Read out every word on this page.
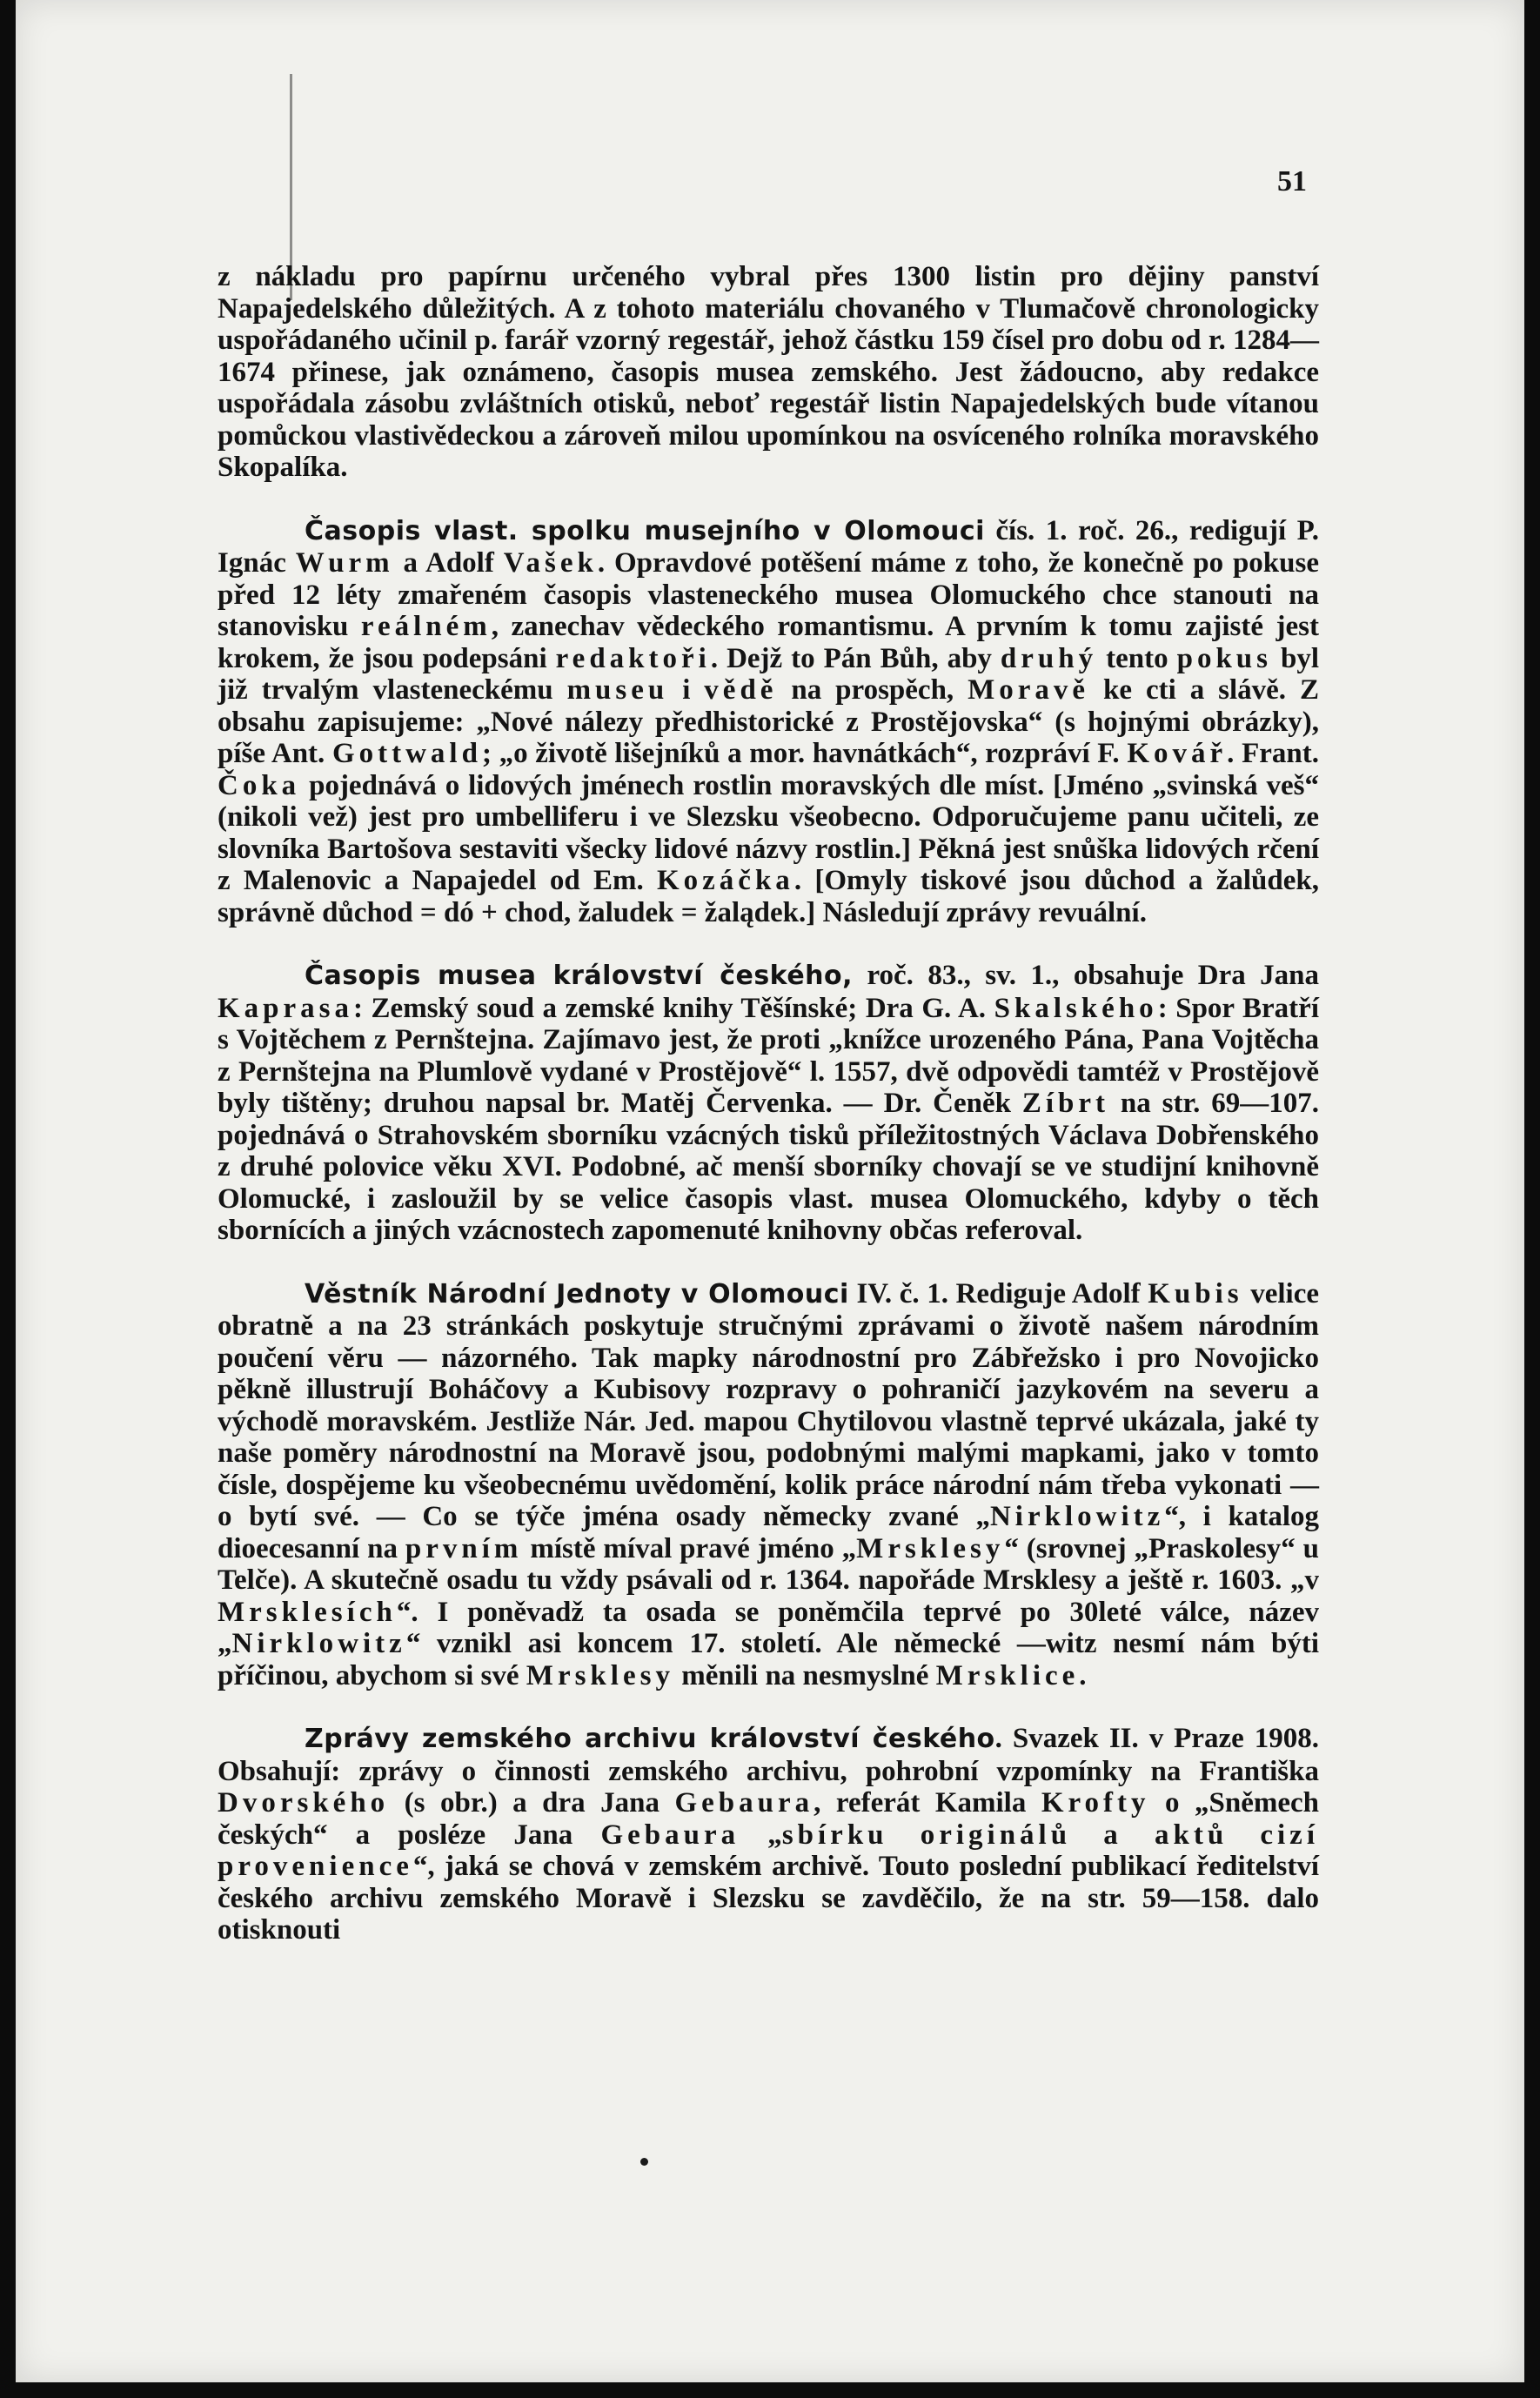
51

z nákladu pro papírnu určeného vybral přes 1300 listin pro dějiny panství Napajedelského důležitých. A z tohoto materiálu chovaného v Tlumačově chronologicky uspořádaného učinil p. farář vzorný regestář, jehož částku 159 čísel pro dobu od r. 1284—1674 přinese, jak oznámeno, časopis musea zemského. Jest žádoucno, aby redakce uspořádala zásobu zvláštních otisků, neboť regestář listin Napajedelských bude vítanou pomůckou vlastivědeckou a zároveň milou upomínkou na osvíceného rolníka moravského Skopalíka.

Časopis vlast. spolku musejního v Olomouci čís. 1. roč. 26., redigují P. Ignác Wurm a Adolf Vašek. Opravdové potěšení máme z toho, že konečně po pokuse před 12 léty zmařeném časopis vlasteneckého musea Olomuckého chce stanouti na stanovisku reálném, zanechav vědeckého romantismu. A prvním k tomu zajisté jest krokem, že jsou podepsáni redaktoři. Dejž to Pán Bůh, aby druhý tento pokus byl již trvalým vlasteneckému museu i vědě na prospěch, Moravě ke cti a slávě. Z obsahu zapisujeme: „Nové nálezy předhistorické z Prostějovska“ (s hojnými obrázky), píše Ant. Gottwald; „o životě lišejníků a mor. havnátkách“, rozpráví F. Kovář. Frant. Čoka pojednává o lidových jménech rostlin moravských dle míst. [Jméno „svinská veš“ (nikoli vež) jest pro umbelliferu i ve Slezsku všeobecno. Odporučujeme panu učiteli, ze slovníka Bartošova sestaviti všecky lidové názvy rostlin.] Pěkná jest snůška lidových rčení z Malenovic a Napajedel od Em. Kozáčka. [Omyly tiskové jsou důchod a žalůdek, správně důchod = dó + chod, žaludek = žalądek.] Následují zprávy revuální.

Časopis musea království českého, roč. 83., sv. 1., obsahuje Dra Jana Kaprasa: Zemský soud a zemské knihy Těšínské; Dra G. A. Skalského: Spor Bratří s Vojtěchem z Pernštejna. Zajímavo jest, že proti „knížce urozeného Pána, Pana Vojtěcha z Pernštejna na Plumlově vydané v Prostějově“ l. 1557, dvě odpovědi tamtéž v Prostějově byly tištěny; druhou napsal br. Matěj Červenka. — Dr. Čeněk Zíbrt na str. 69—107. pojednává o Strahovském sborníku vzácných tisků příležitostných Václava Dobřenského z druhé polovice věku XVI. Podobné, ač menší sborníky chovají se ve studijní knihovně Olomucké, i zasloužil by se velice časopis vlast. musea Olomuckého, kdyby o těch sbornících a jiných vzácnostech zapomenuté knihovny občas referoval.

Věstník Národní Jednoty v Olomouci IV. č. 1. Rediguje Adolf Kubis velice obratně a na 23 stránkách poskytuje stručnými zprávami o životě našem národním poučení věru — názorného. Tak mapky národnostní pro Zábřežsko i pro Novojicko pěkně illustrují Boháčovy a Kubisovy rozpravy o pohraničí jazykovém na severu a východě moravském. Jestliže Nár. Jed. mapou Chytilovou vlastně teprvé ukázala, jaké ty naše poměry národnostní na Moravě jsou, podobnými malými mapkami, jako v tomto čísle, dospějeme ku všeobecnému uvědomění, kolik práce národní nám třeba vykonati — o bytí své. — Co se týče jména osady německy zvané „Nirklowitz“, i katalog dioecesanní na prvním místě míval pravé jméno „Mrsklesy“ (srovnej „Praskolesy“ u Telče). A skutečně osadu tu vždy psávali od r. 1364. napořáde Mrsklesy a ještě r. 1603. „v Mrsklesích“. I poněvadž ta osada se poněmčila teprvé po 30leté válce, název „Nirklowitz“ vznikl asi koncem 17. století. Ale německé —witz nesmí nám býti příčinou, abychom si své Mrsklesy měnili na nesmyslné Mrsklice.

Zprávy zemského archivu království českého. Svazek II. v Praze 1908. Obsahují: zprávy o činnosti zemského archivu, pohrobní vzpomínky na Františka Dvorského (s obr.) a dra Jana Gebaura, referát Kamila Krofty o „Sněmech českých“ a posléze Jana Gebaura „sbírku originálů a aktů cizí provenience“, jaká se chová v zemském archivě. Touto poslední publikací ředitelství českého archivu zemského Moravě i Slezsku se zavděčilo, že na str. 59—158. dalo otisknouti
